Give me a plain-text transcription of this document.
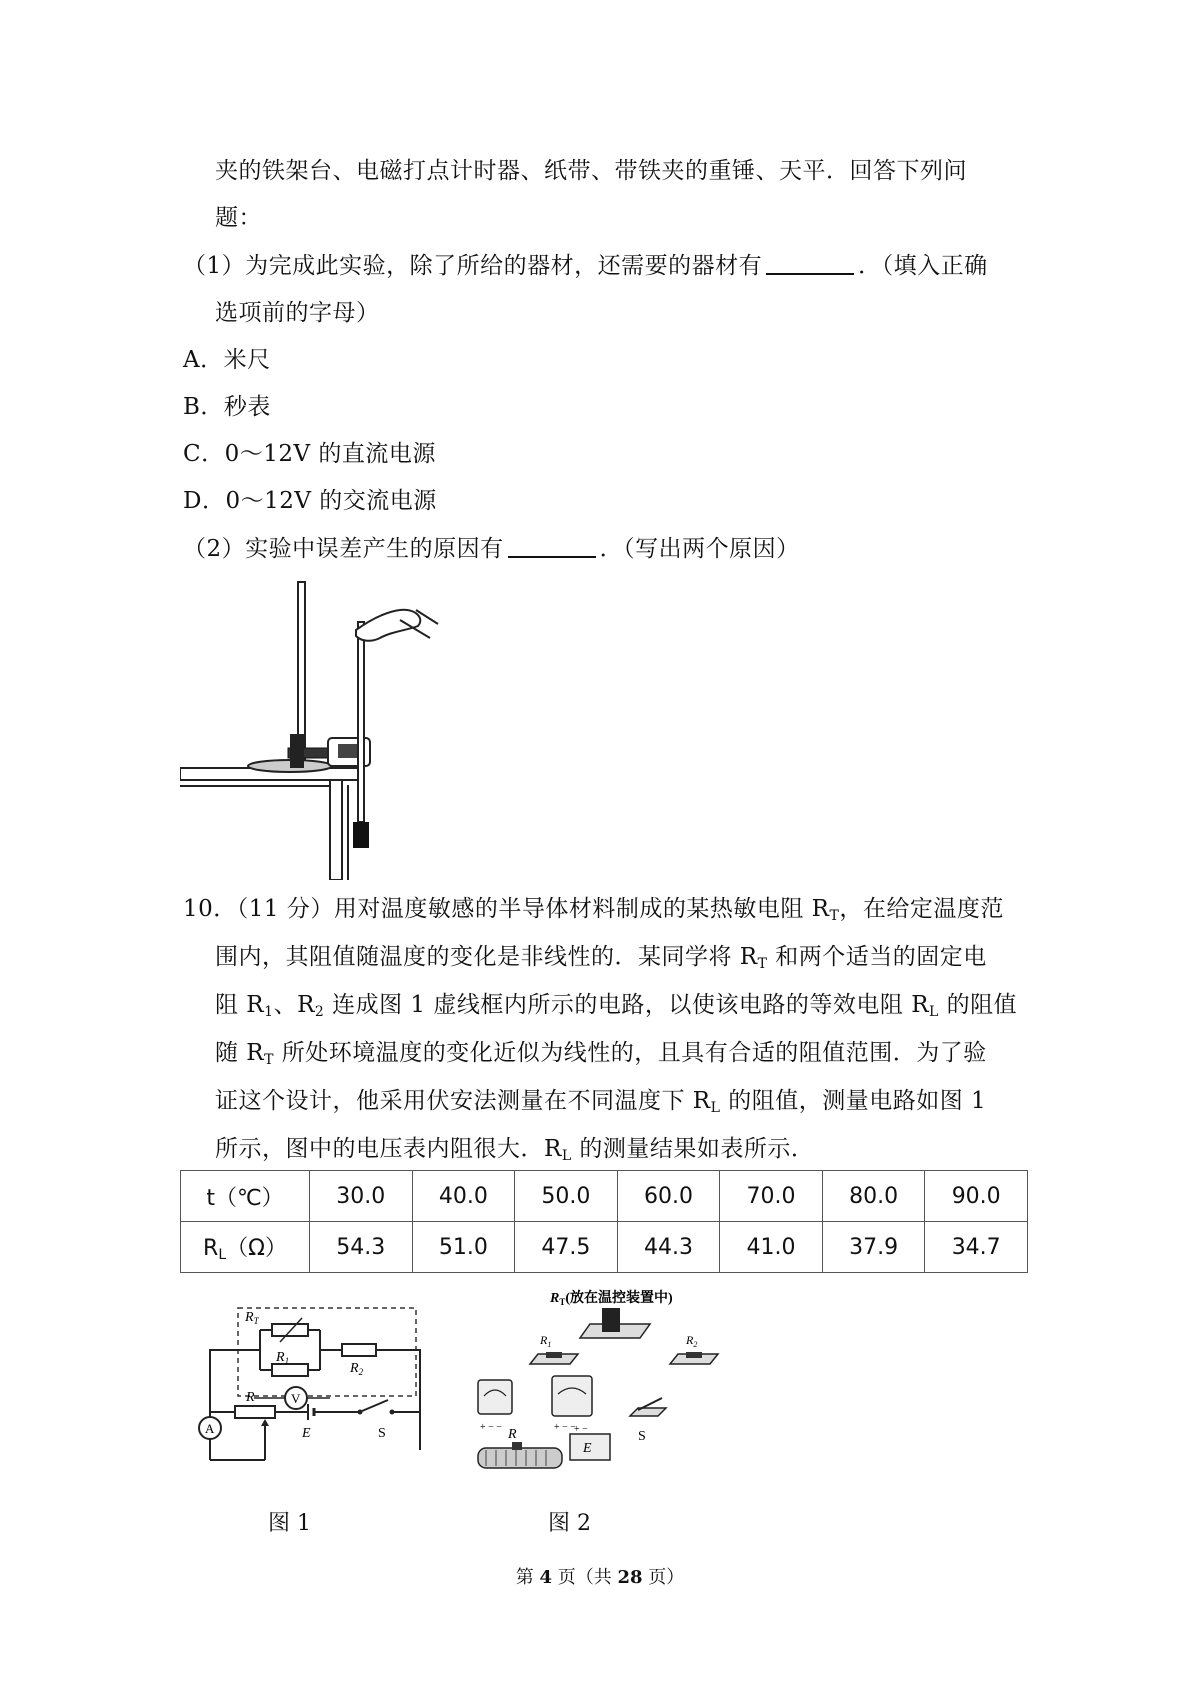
夹的铁架台、电磁打点计时器、纸带、带铁夹的重锤、天平．回答下列问
题：
（1）为完成此实验，除了所给的器材，还需要的器材有	．（填入正确
选项前的字母）
A．米尺
B．秒表
C．0～12V 的直流电源
D．0～12V 的交流电源
（2）实验中误差产生的原因有	．（写出两个原因）
10．（11 分）用对温度敏感的半导体材料制成的某热敏电阻 $R_T$，在给定温度范
围内，其阻值随温度的变化是非线性的．某同学将 $R_T$ 和两个适当的固定电
阻 $R_1$、$R_2$ 连成图 1 虚线框内所示的电路，以使该电路的等效电阻 $R_L$ 的阻值
随 $R_T$ 所处环境温度的变化近似为线性的，且具有合适的阻值范围．为了验
证这个设计，他采用伏安法测量在不同温度下 $R_L$ 的阻值，测量电路如图 1
所示，图中的电压表内阻很大．$R_L$ 的测量结果如表所示．
t（℃）	30.0	40.0	50.0	60.0	70.0	80.0	90.0
$R_L(\Omega)$	54.3	51.0	47.5	44.3	41.0	37.9	34.7
$R_T$
$R_1$	$R_2$
V
A
R
E	S
图 1
$R_T$(放在温控装置中)
$R_1$	$R_2$
+ − −	+ − −
S
E
+ −
R
图 2
第 4 页（共 28 页）
